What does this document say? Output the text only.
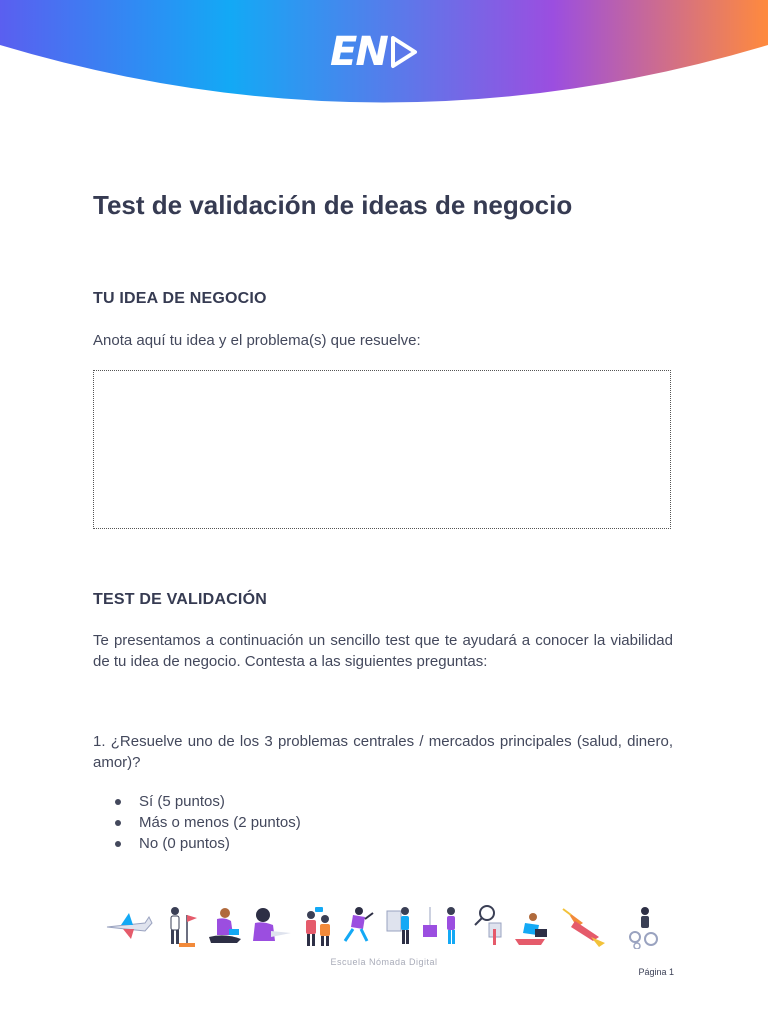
EN
Test de validación de ideas de negocio
TU IDEA DE NEGOCIO

Anota aquí tu idea y el problema(s) que resuelve:

TEST DE VALIDACIÓN

Te presentamos a continuación un sencillo test que te ayudará a conocer la viabilidad de tu idea de negocio. Contesta a las siguientes preguntas:

1. ¿Resuelve uno de los 3 problemas centrales / mercados principales (salud, dinero, amor)?

Sí (5 puntos)
Más o menos (2 puntos)
No (0 puntos)
Escuela Nómada Digital
Página 1
